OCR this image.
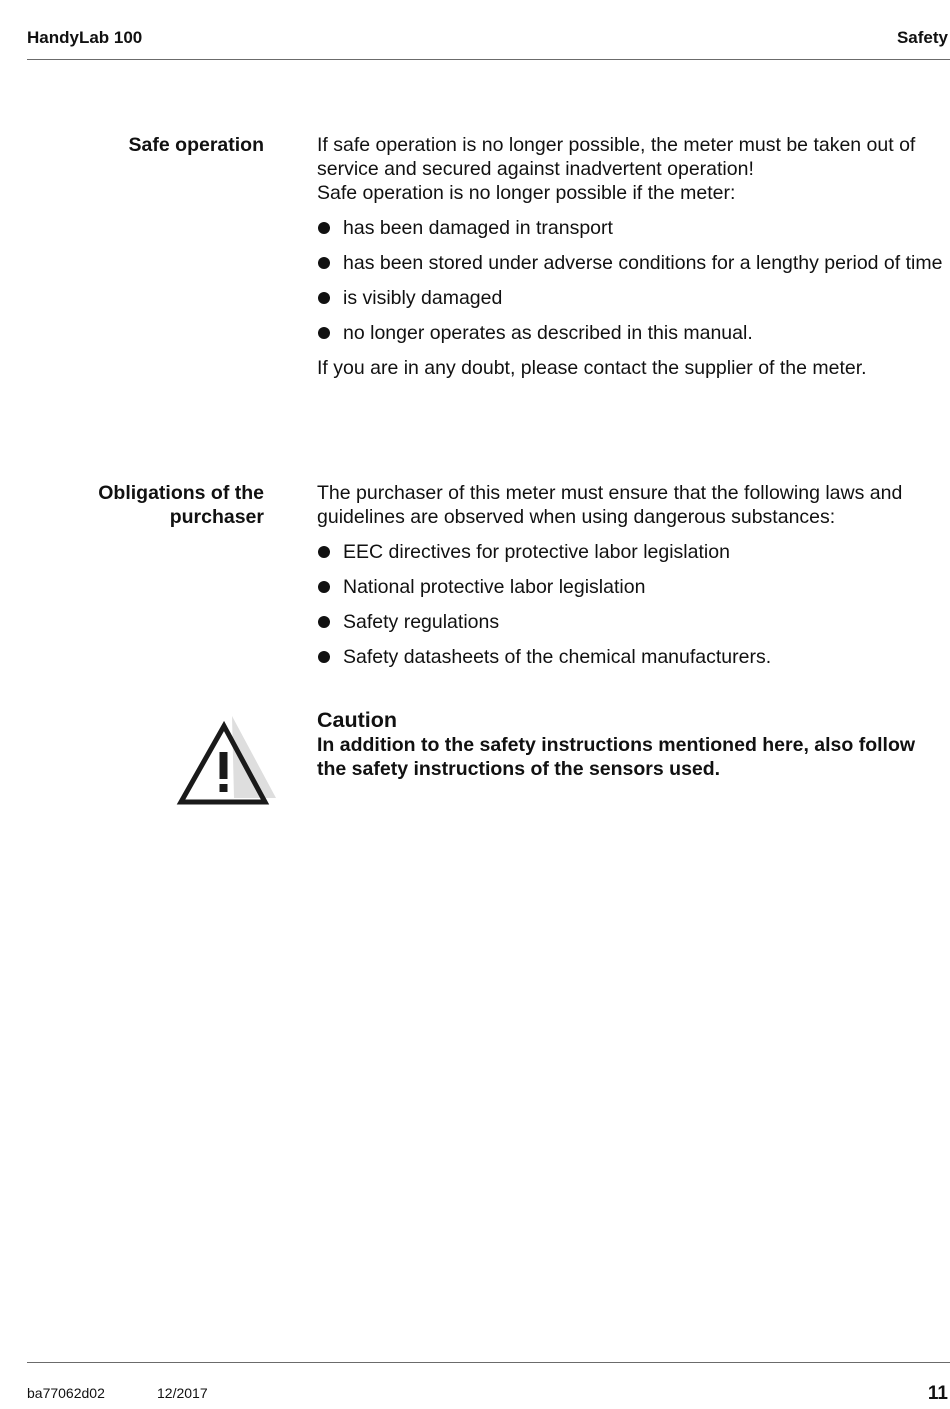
HandyLab 100	Safety
Safe operation	If safe operation is no longer possible, the meter must be taken out of service and secured against inadvertent operation!

Safe operation is no longer possible if the meter:

has been damaged in transport
has been stored under adverse conditions for a lengthy period of time
is visibly damaged
no longer operates as described in this manual.

If you are in any doubt, please contact the supplier of the meter.

Obligations of the purchaser

The purchaser of this meter must ensure that the following laws and guidelines are observed when using dangerous substances:

EEC directives for protective labor legislation
National protective labor legislation
Safety regulations
Safety datasheets of the chemical manufacturers.
Caution
In addition to the safety instructions mentioned here, also follow the safety instructions of the sensors used.
ba77062d02	12/2017	11
